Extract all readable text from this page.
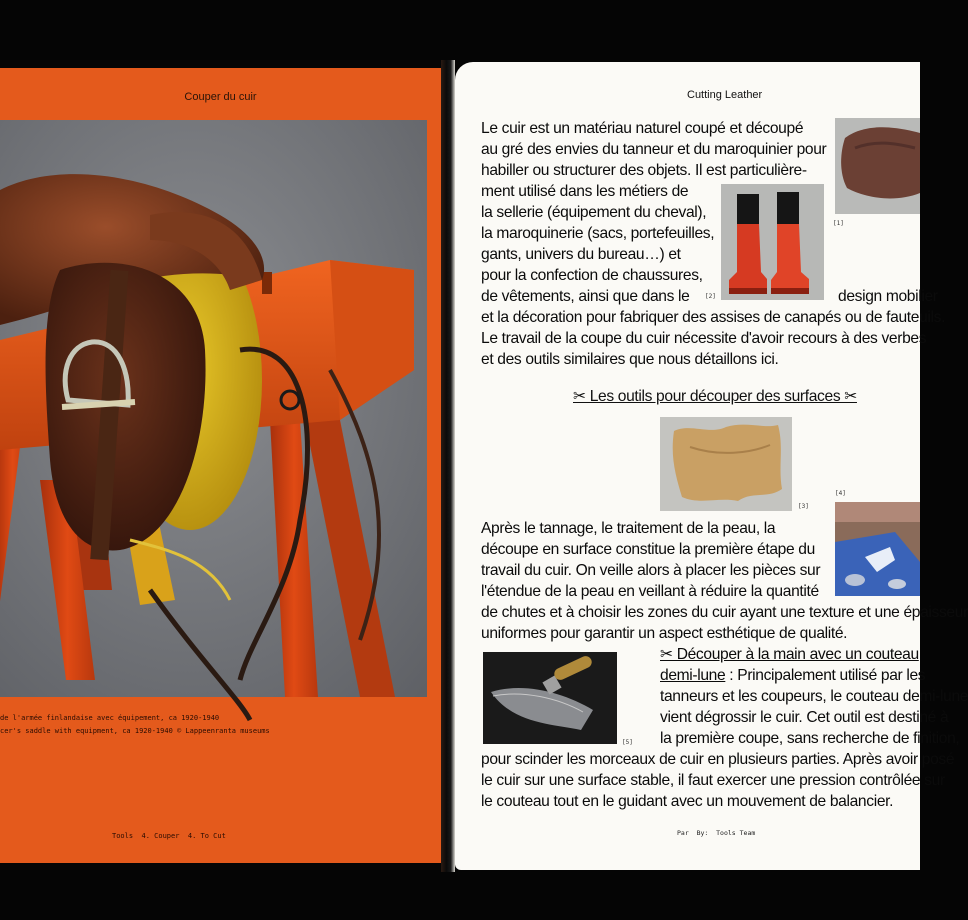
Couper du cuir
de l'armée finlandaise avec équipement, ca 1920-1940
cer's saddle with equipment, ca 1920-1940 © Lappeenranta museums
Tools  4. Couper  4. To Cut
Cutting Leather
Le cuir est un matériau naturel coupé et découpé
au gré des envies du tanneur et du maroquinier pour
habiller ou structurer des objets. Il est particulière-
ment utilisé dans les métiers de
la sellerie (équipement du cheval),
la maroquinerie (sacs, portefeuilles,
gants, univers du bureau…) et
pour la confection de chaussures,
de vêtements, ainsi que dans le	design mobilier
et la décoration pour fabriquer des assises de canapés ou de fauteuils.
Le travail de la coupe du cuir nécessite d'avoir recours à des verbes
et des outils similaires que nous détaillons ici.
[1]
[2]
✂ Les outils pour découper des surfaces ✂
[3]
[4]
Après le tannage, le traitement de la peau, la
découpe en surface constitue la première étape du
travail du cuir. On veille alors à placer les pièces sur
l'étendue de la peau en veillant à réduire la quantité
de chutes et à choisir les zones du cuir ayant une texture et une épaisseur
uniformes pour garantir un aspect esthétique de qualité.
[5]
✂ Découper à la main avec un couteau
demi-lune : Principalement utilisé par les
tanneurs et les coupeurs, le couteau demi-lune
vient dégrossir le cuir. Cet outil est destiné à
la première coupe, sans recherche de finition,
pour scinder les morceaux de cuir en plusieurs parties. Après avoir posé
le cuir sur une surface stable, il faut exercer une pression contrôlée sur
le couteau tout en le guidant avec un mouvement de balancier.
Par  By:  Tools Team
